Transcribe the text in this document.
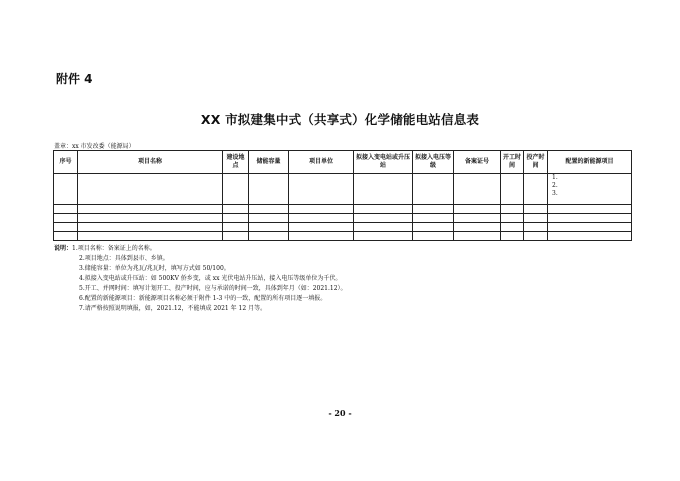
附件 4
XX 市拟建集中式（共享式）化学储能电站信息表
盖章：xx 市发改委（能源局）
序号	项目名称	建设地点	储能容量	项目单位	拟接入变电站或升压站	拟接入电压等级	备案证号	开工时间	投产时间	配置的新能源项目

										1.
2.
3.

说明：1.项目名称：备案证上的名称。
2.项目地点：具体到县市、乡镇。
3.储能容量：单位为兆瓦/兆瓦时，填写方式如 50/100。
4.拟接入变电站或升压站：如 500KV 侨乡变，或 xx 光伏电站升压站，接入电压等级单位为千伏。
5.开工、并网时间：填写计划开工、投产时间，应与承诺的时间一致，具体到年月（如：2021.12）。
6.配置的新能源项目：新能源项目名称必须于附件 1-3 中的一致，配置的所有项目逐一填报。
7.请严格按照说明填报，如，2021.12，不能填成 2021 年 12 月等。
- 20 -
